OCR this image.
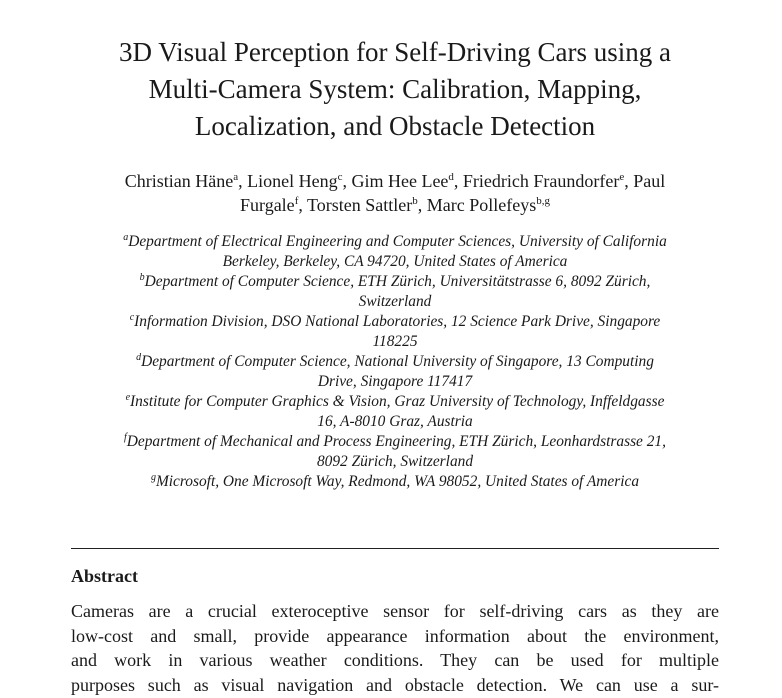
3D Visual Perception for Self-Driving Cars using a
Multi-Camera System: Calibration, Mapping,
Localization, and Obstacle Detection
Christian Häne$^a$, Lionel Heng$^c$, Gim Hee Lee$^d$, Friedrich Fraundorfer$^e$, Paul
Furgale$^f$, Torsten Sattler$^b$, Marc Pollefeys$^{b,g}$
$^a$Department of Electrical Engineering and Computer Sciences, University of California
Berkeley, Berkeley, CA 94720, United States of America
$^b$Department of Computer Science, ETH Zürich, Universitätstrasse 6, 8092 Zürich,
Switzerland
$^c$Information Division, DSO National Laboratories, 12 Science Park Drive, Singapore
118225
$^d$Department of Computer Science, National University of Singapore, 13 Computing
Drive, Singapore 117417
$^e$Institute for Computer Graphics & Vision, Graz University of Technology, Inffeldgasse
16, A-8010 Graz, Austria
$^f$Department of Mechanical and Process Engineering, ETH Zürich, Leonhardstrasse 21,
8092 Zürich, Switzerland
$^g$Microsoft, One Microsoft Way, Redmond, WA 98052, United States of America
Abstract
Cameras are a crucial exteroceptive sensor for self-driving cars as they are
low-cost and small, provide appearance information about the environment,
and work in various weather conditions. They can be used for multiple
purposes such as visual navigation and obstacle detection. We can use a sur-
